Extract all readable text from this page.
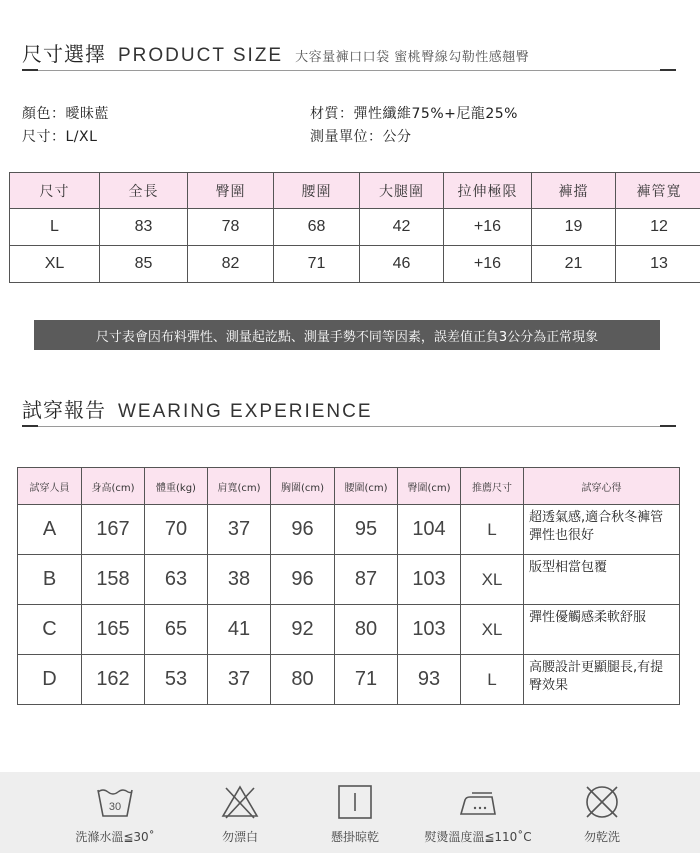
尺寸選擇 PRODUCT SIZE 大容量褲口口袋 蜜桃臀線勾勒性感翹臀
顏色：曖昧藍
尺寸：L/XL
材質：彈性纖維75%+尼龍25%
測量單位：公分
尺寸	全長	臀圍	腰圍	大腿圍	拉伸極限	褲擋	褲管寬
L	83	78	68	42	+16	19	12
XL	85	82	71	46	+16	21	13
尺寸表會因布料彈性、測量起訖點、測量手勢不同等因素，誤差值正負3公分為正常現象
試穿報告 WEARING EXPERIENCE
試穿人員	身高(cm)	體重(kg)	肩寬(cm)	胸圍(cm)	腰圍(cm)	臀圍(cm)	推薦尺寸	試穿心得
A	167	70	37	96	95	104	L	超透氣感,適合秋冬褲管彈性也很好
B	158	63	38	96	87	103	XL	版型相當包覆
C	165	65	41	92	80	103	XL	彈性優觸感柔軟舒服
D	162	53	37	80	71	93	L	高腰設計更顯腿長,有提臀效果
30
洗滌水溫≦30˚	勿漂白	懸掛晾乾	熨燙溫度溫≦110˚C	勿乾洗
